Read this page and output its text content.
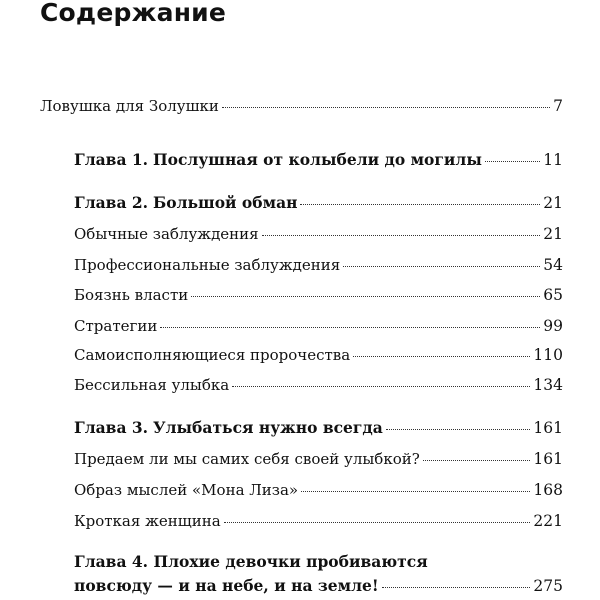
Содержание
Ловушка для Золушки	7
Глава 1. Послушная от колыбели до могилы	11
Глава 2. Большой обман	21
Обычные заблуждения	21
Профессиональные заблуждения	54
Боязнь власти	65
Стратегии	99
Самоисполняющиеся пророчества	110
Бессильная улыбка	134
Глава 3. Улыбаться нужно всегда	161
Предаем ли мы самих себя своей улыбкой?	161
Образ мыслей «Мона Лиза»	168
Кроткая женщина	221
Глава 4. Плохие девочки пробиваются
повсюду — и на небе, и на земле!	275
